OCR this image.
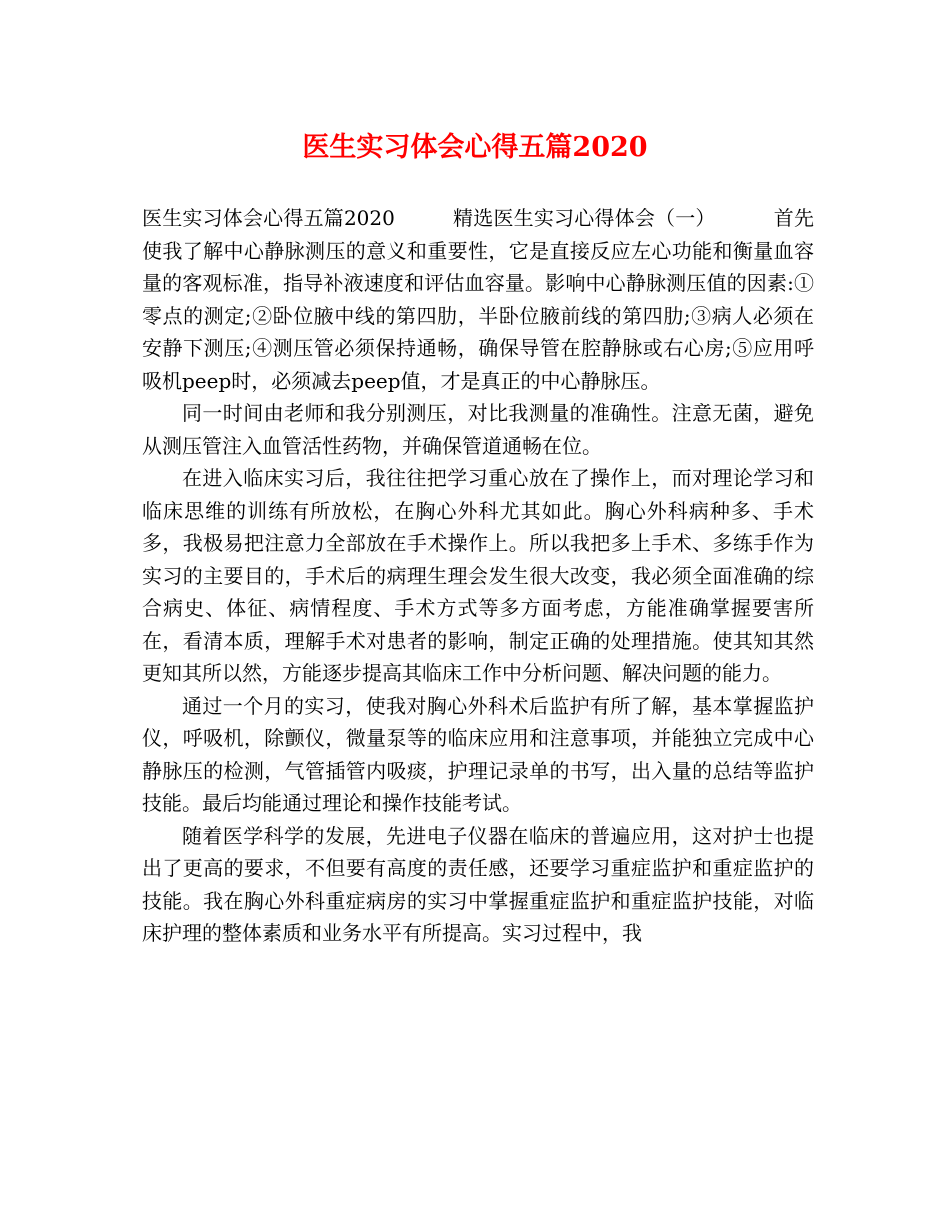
医生实习体会心得五篇2020

医生实习体会心得五篇2020	精选医生实习心得体会（一）	首先使我了解中心静脉测压的意义和重要性，它是直接反应左心功能和衡量血容量的客观标准，指导补液速度和评估血容量。影响中心静脉测压值的因素:①零点的测定;②卧位腋中线的第四肋，半卧位腋前线的第四肋;③病人必须在安静下测压;④测压管必须保持通畅，确保导管在腔静脉或右心房;⑤应用呼吸机peep时，必须减去peep值，才是真正的中心静脉压。

同一时间由老师和我分别测压，对比我测量的准确性。注意无菌，避免从测压管注入血管活性药物，并确保管道通畅在位。

在进入临床实习后，我往往把学习重心放在了操作上，而对理论学习和临床思维的训练有所放松，在胸心外科尤其如此。胸心外科病种多、手术多，我极易把注意力全部放在手术操作上。所以我把多上手术、多练手作为实习的主要目的，手术后的病理生理会发生很大改变，我必须全面准确的综合病史、体征、病情程度、手术方式等多方面考虑，方能准确掌握要害所在，看清本质，理解手术对患者的影响，制定正确的处理措施。使其知其然更知其所以然，方能逐步提高其临床工作中分析问题、解决问题的能力。

通过一个月的实习，使我对胸心外科术后监护有所了解，基本掌握监护仪，呼吸机，除颤仪，微量泵等的临床应用和注意事项，并能独立完成中心静脉压的检测，气管插管内吸痰，护理记录单的书写，出入量的总结等监护技能。最后均能通过理论和操作技能考试。

随着医学科学的发展，先进电子仪器在临床的普遍应用，这对护士也提出了更高的要求，不但要有高度的责任感，还要学习重症监护和重症监护的技能。我在胸心外科重症病房的实习中掌握重症监护和重症监护技能，对临床护理的整体素质和业务水平有所提高。实习过程中，我
